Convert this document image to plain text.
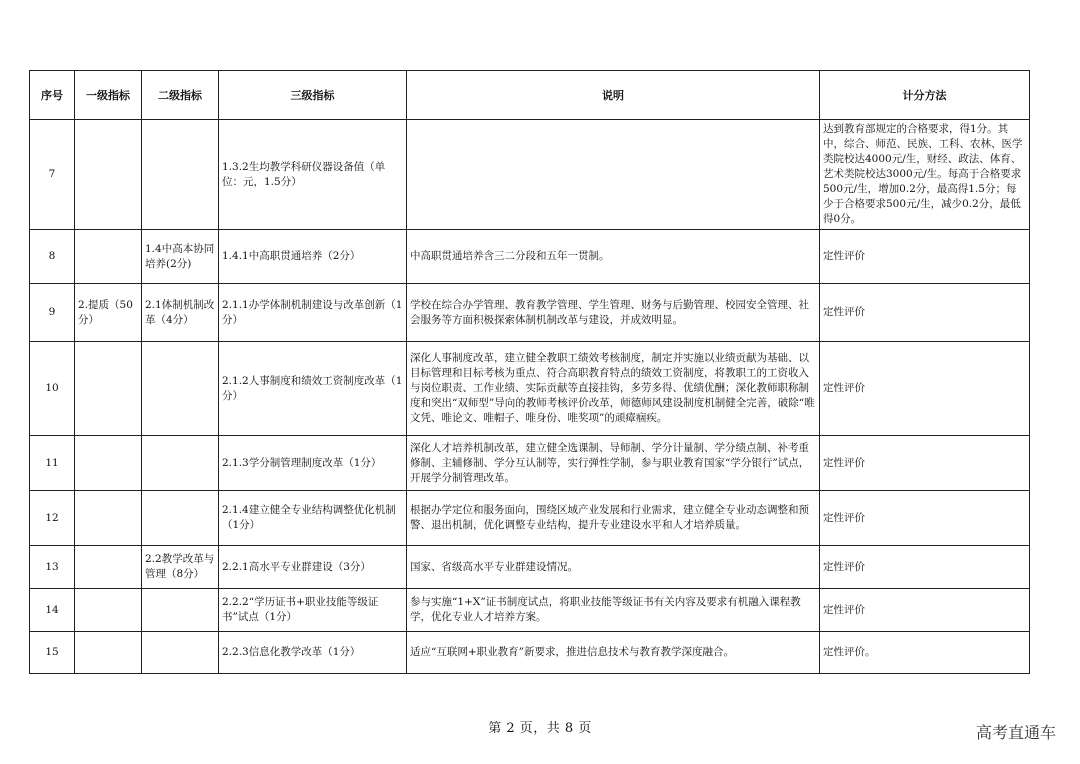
序号	一级指标	二级指标	三级指标	说明	计分方法
7			1.3.2生均教学科研仪器设备值（单位：元，1.5分）		达到教育部规定的合格要求，得1分。其中，综合、师范、民族、工科、农林、医学类院校达4000元/生，财经、政法、体育、艺术类院校达3000元/生。每高于合格要求500元/生，增加0.2分，最高得1.5分；每少于合格要求500元/生，减少0.2分，最低得0分。
8		1.4中高本协同培养(2分)	1.4.1中高职贯通培养（2分）	中高职贯通培养含三二分段和五年一贯制。	定性评价
9	2.提质（50分）	2.1体制机制改革（4分）	2.1.1办学体制机制建设与改革创新（1分）	学校在综合办学管理、教育教学管理、学生管理、财务与后勤管理、校园安全管理、社会服务等方面积极探索体制机制改革与建设，并成效明显。	定性评价
10			2.1.2人事制度和绩效工资制度改革（1分）	深化人事制度改革，建立健全教职工绩效考核制度，制定并实施以业绩贡献为基础、以目标管理和目标考核为重点、符合高职教育特点的绩效工资制度，将教职工的工资收入与岗位职责、工作业绩、实际贡献等直接挂钩，多劳多得、优绩优酬；深化教师职称制度和突出“双师型”导向的教师考核评价改革，师德师风建设制度机制健全完善，破除“唯文凭、唯论文、唯帽子、唯身份、唯奖项”的顽瘴痼疾。	定性评价
11			2.1.3学分制管理制度改革（1分）	深化人才培养机制改革，建立健全选课制、导师制、学分计量制、学分绩点制、补考重修制、主辅修制、学分互认制等，实行弹性学制，参与职业教育国家“学分银行”试点，开展学分制管理改革。	定性评价
12			2.1.4建立健全专业结构调整优化机制（1分）	根据办学定位和服务面向，围绕区域产业发展和行业需求，建立健全专业动态调整和预警、退出机制，优化调整专业结构，提升专业建设水平和人才培养质量。	定性评价
13		2.2教学改革与管理（8分）	2.2.1高水平专业群建设（3分）	国家、省级高水平专业群建设情况。	定性评价
14			2.2.2“学历证书+职业技能等级证书”试点（1分）	参与实施“1+X”证书制度试点，将职业技能等级证书有关内容及要求有机融入课程教学，优化专业人才培养方案。	定性评价
15			2.2.3信息化教学改革（1分）	适应“互联网+职业教育”新要求，推进信息技术与教育教学深度融合。	定性评价。
第 2 页，共 8 页	高考直通车
